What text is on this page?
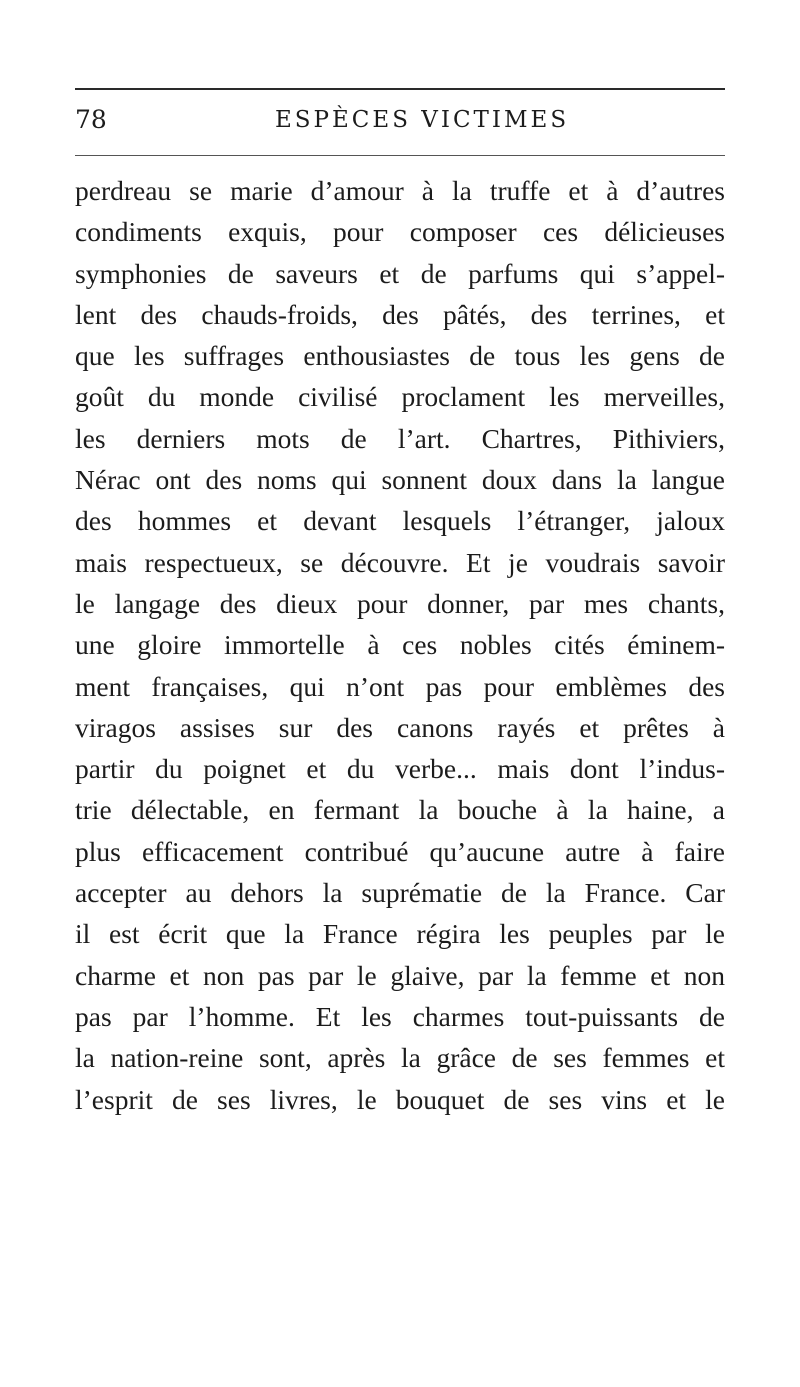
78	ESPÈCES VICTIMES
perdreau se marie d’amour à la truffe et à d’autres
condiments exquis, pour composer ces délicieuses
symphonies de saveurs et de parfums qui s’appel-
lent des chauds-froids, des pâtés, des terrines, et
que les suffrages enthousiastes de tous les gens de
goût du monde civilisé proclament les merveilles,
les derniers mots de l’art. Chartres, Pithiviers,
Nérac ont des noms qui sonnent doux dans la langue
des hommes et devant lesquels l’étranger, jaloux
mais respectueux, se découvre. Et je voudrais savoir
le langage des dieux pour donner, par mes chants,
une gloire immortelle à ces nobles cités éminem-
ment françaises, qui n’ont pas pour emblèmes des
viragos assises sur des canons rayés et prêtes à
partir du poignet et du verbe... mais dont l’indus-
trie délectable, en fermant la bouche à la haine, a
plus efficacement contribué qu’aucune autre à faire
accepter au dehors la suprématie de la France. Car
il est écrit que la France régira les peuples par le
charme et non pas par le glaive, par la femme et non
pas par l’homme. Et les charmes tout-puissants de
la nation-reine sont, après la grâce de ses femmes et
l’esprit de ses livres, le bouquet de ses vins et le
